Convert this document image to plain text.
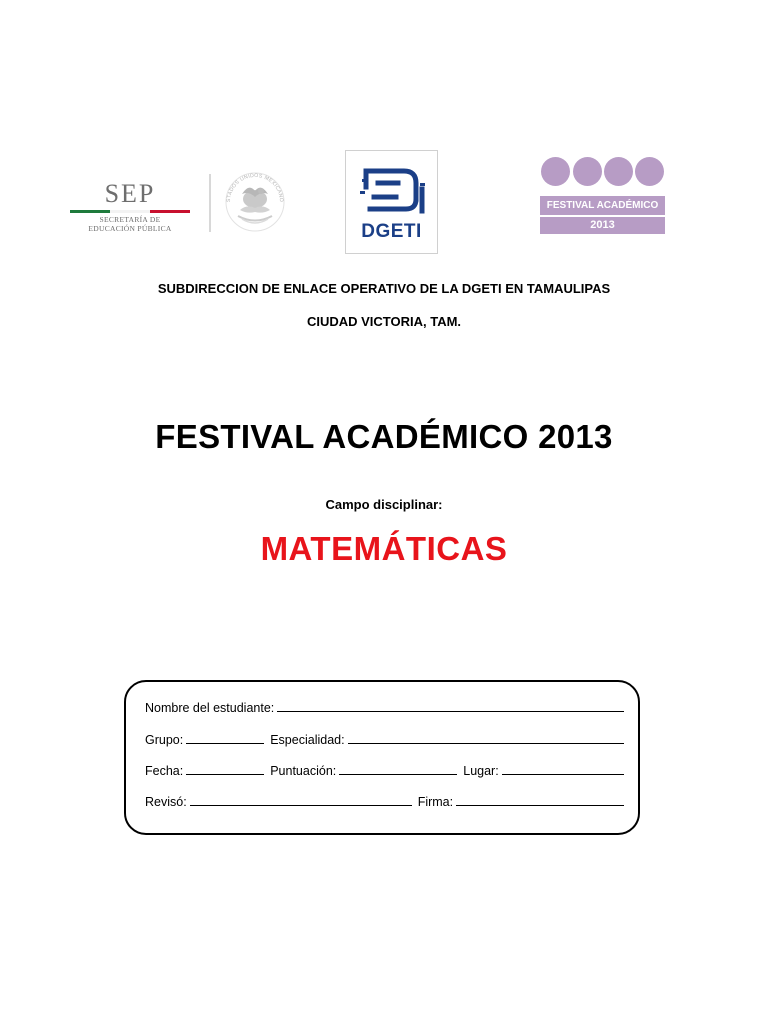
SEP
SECRETARÍA DE
EDUCACIÓN PÚBLICA
STADOS UNIDOS MEXICANO
DGETI
FESTIVAL ACADÉMICO
2013
SUBDIRECCION DE ENLACE OPERATIVO DE LA DGETI EN TAMAULIPAS
CIUDAD VICTORIA, TAM.
FESTIVAL ACADÉMICO 2013
Campo disciplinar:
MATEMÁTICAS
Nombre del estudiante:
Grupo:	Especialidad:
Fecha:	Puntuación:	Lugar:
Revisó:	Firma:
